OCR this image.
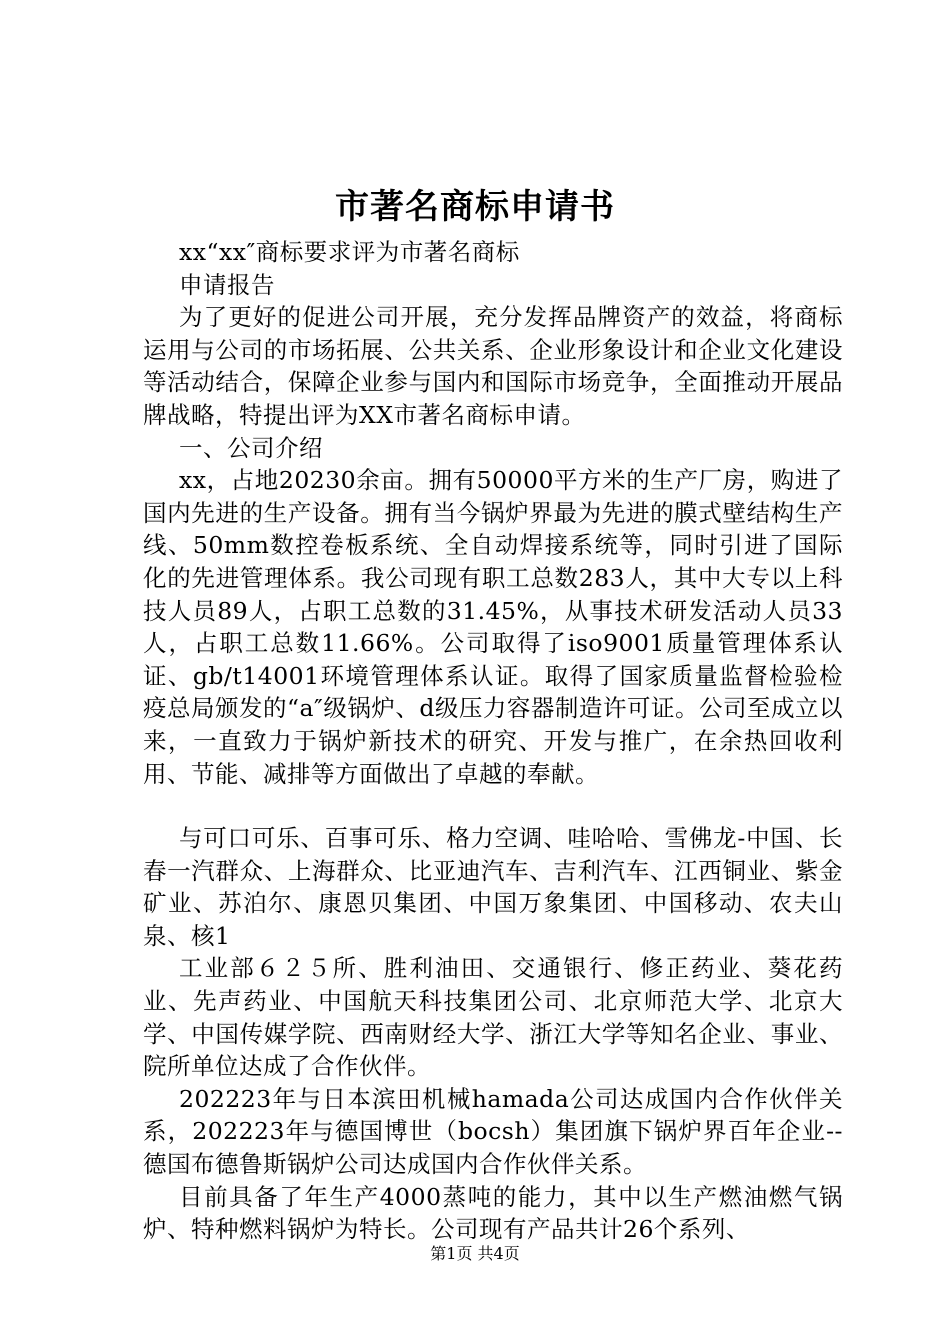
市著名商标申请书

xx“xx″商标要求评为市著名商标

申请报告

为了更好的促进公司开展，充分发挥品牌资产的效益，将商标运用与公司的市场拓展、公共关系、企业形象设计和企业文化建设等活动结合，保障企业参与国内和国际市场竞争，全面推动开展品牌战略，特提出评为XX市著名商标申请。

一、公司介绍

xx，占地20230余亩。拥有50000平方米的生产厂房，购进了国内先进的生产设备。拥有当今锅炉界最为先进的膜式壁结构生产线、50mm数控卷板系统、全自动焊接系统等，同时引进了国际化的先进管理体系。我公司现有职工总数283人，其中大专以上科技人员89人，占职工总数的31.45%，从事技术研发活动人员33人，占职工总数11.66%。公司取得了iso9001质量管理体系认证、gb/t14001环境管理体系认证。取得了国家质量监督检验检疫总局颁发的“a″级锅炉、d级压力容器制造许可证。公司至成立以来，一直致力于锅炉新技术的研究、开发与推广，在余热回收利用、节能、减排等方面做出了卓越的奉献。

与可口可乐、百事可乐、格力空调、哇哈哈、雪佛龙-中国、长春一汽群众、上海群众、比亚迪汽车、吉利汽车、江西铜业、紫金矿业、苏泊尔、康恩贝集团、中国万象集团、中国移动、农夫山泉、核1

工业部６２５所、胜利油田、交通银行、修正药业、葵花药业、先声药业、中国航天科技集团公司、北京师范大学、北京大学、中国传媒学院、西南财经大学、浙江大学等知名企业、事业、院所单位达成了合作伙伴。

202223年与日本滨田机械hamada公司达成国内合作伙伴关系，202223年与德国博世（bocsh）集团旗下锅炉界百年企业--德国布德鲁斯锅炉公司达成国内合作伙伴关系。

目前具备了年生产4000蒸吨的能力，其中以生产燃油燃气锅炉、特种燃料锅炉为特长。公司现有产品共计26个系列、

第1页 共4页
